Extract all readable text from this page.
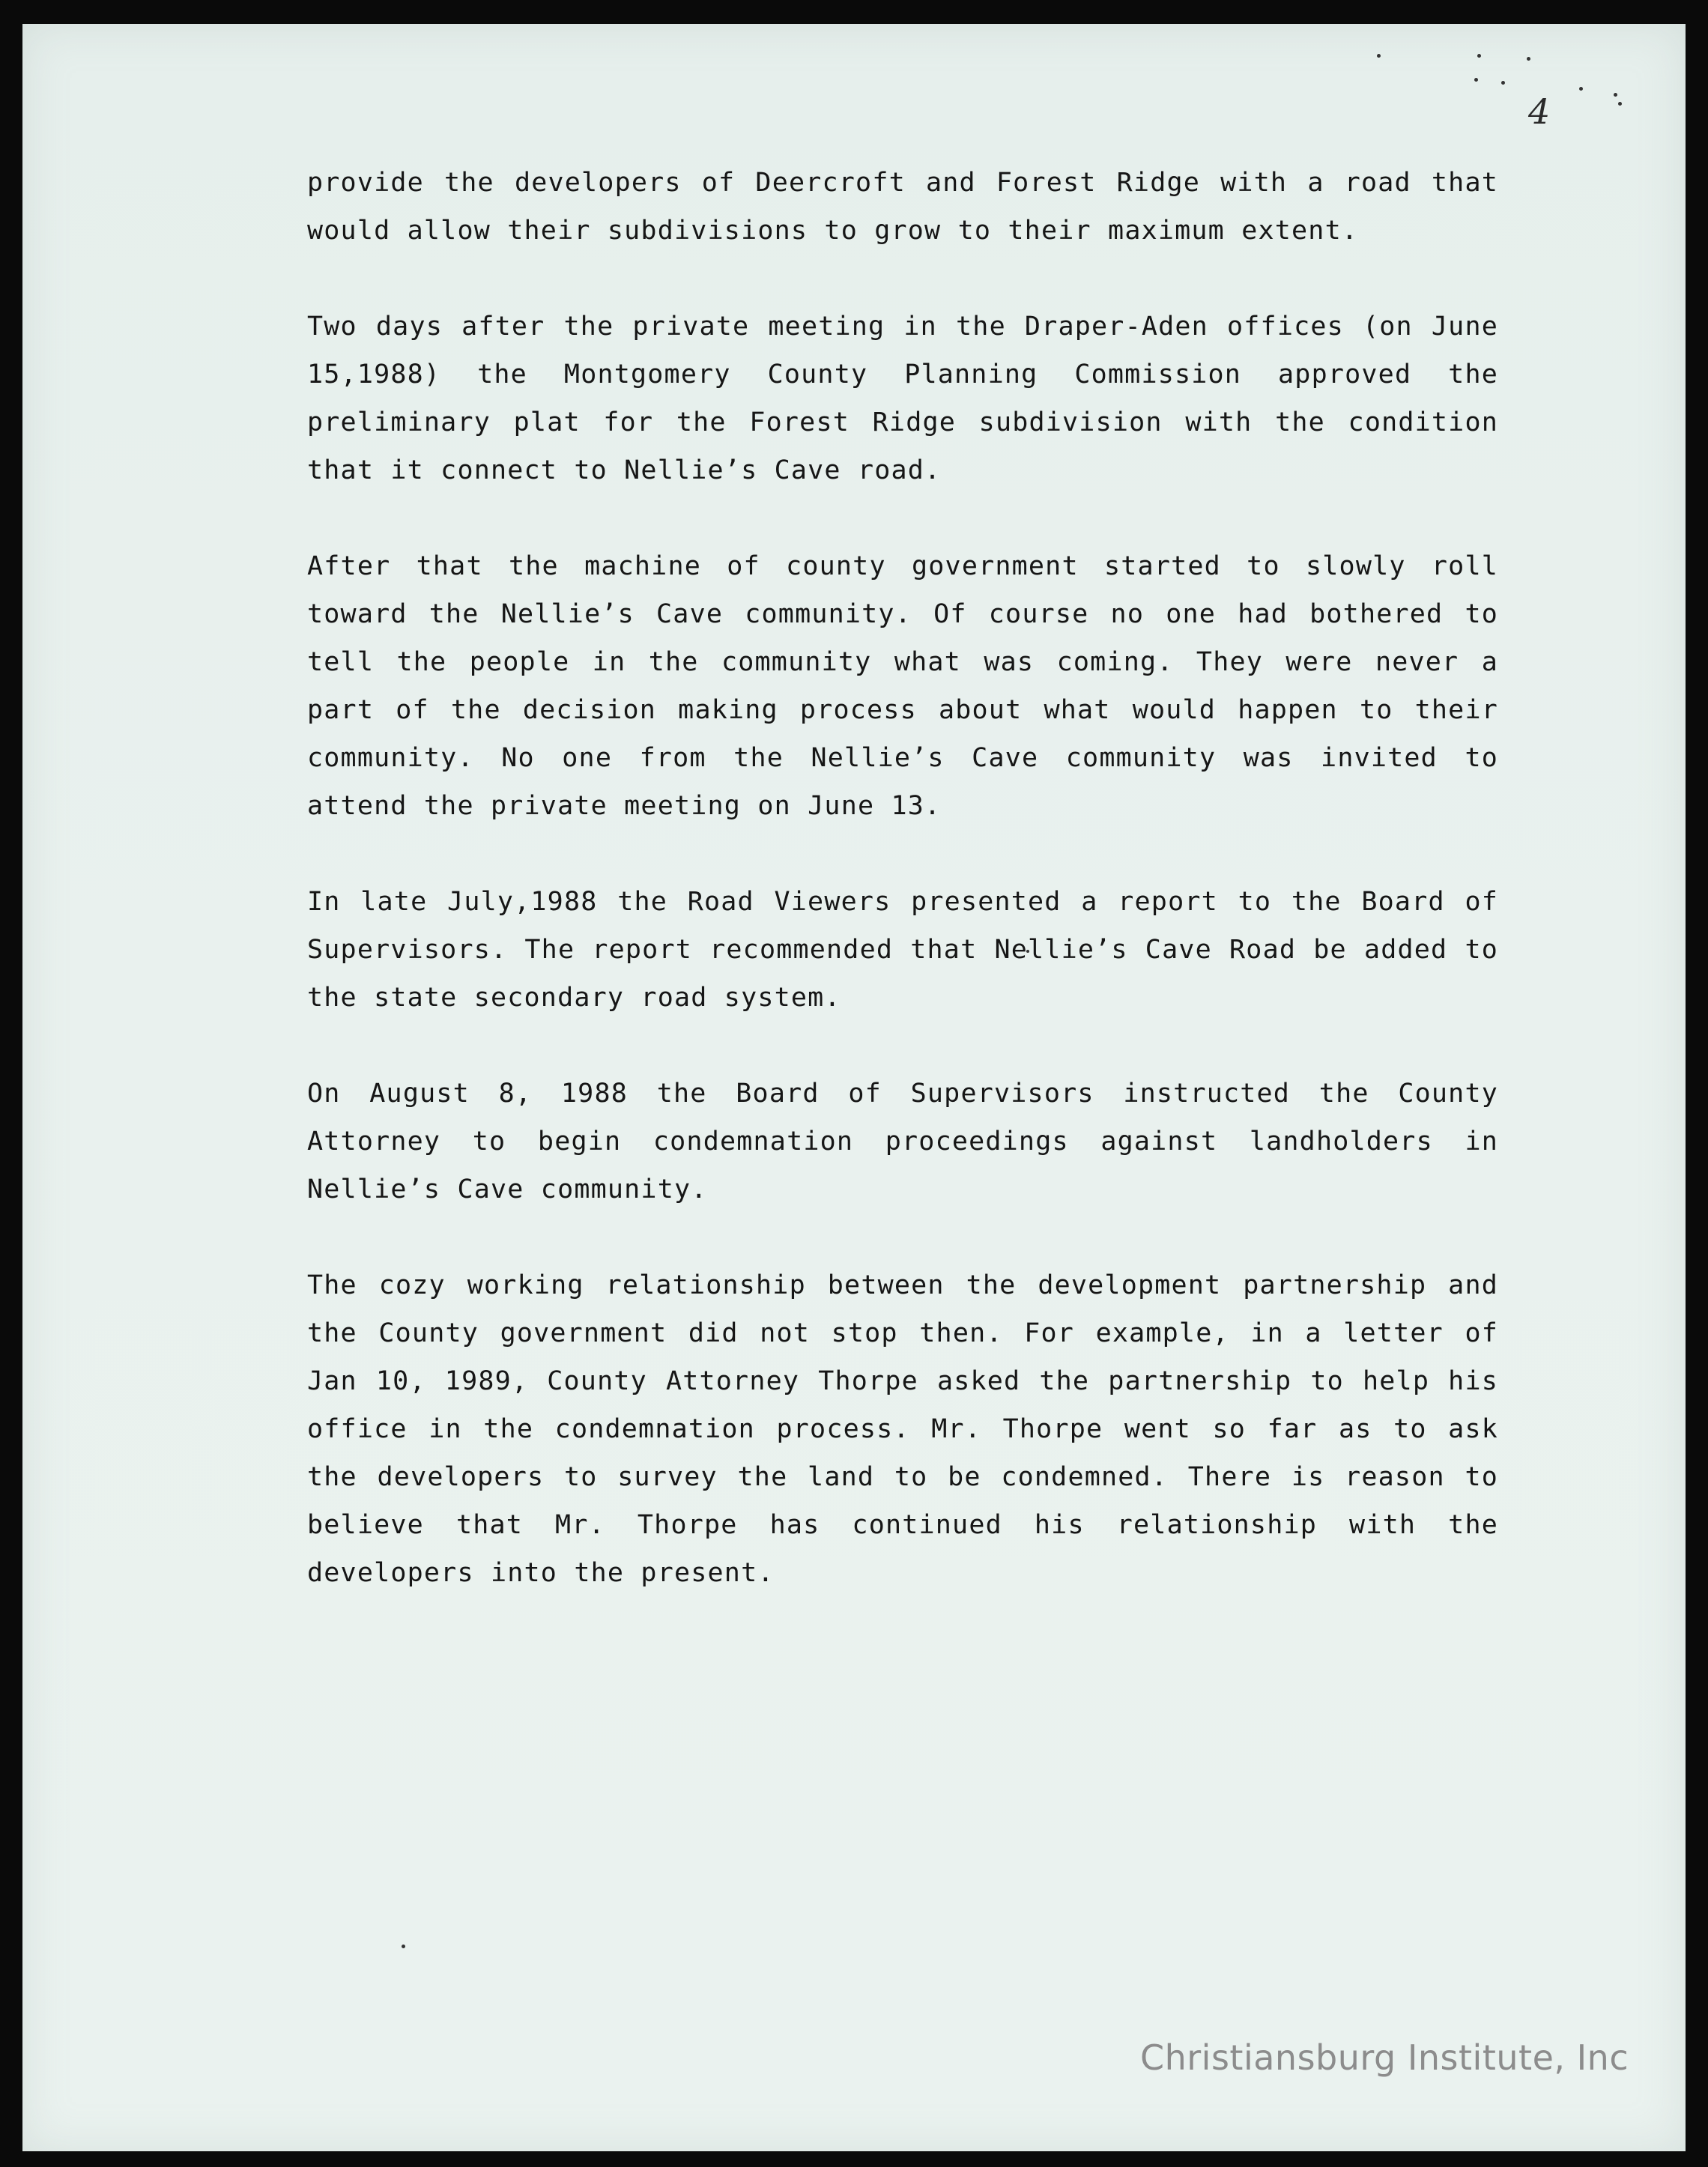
4

provide the developers of Deercroft and Forest Ridge with a road that would allow their subdivisions to grow to their maximum extent.

Two days after the private meeting in the Draper-Aden offices (on June 15,1988) the Montgomery County Planning Commission approved the preliminary plat for the Forest Ridge subdivision with the condition that it connect to Nellie’s Cave road.

After that the machine of county government started to slowly roll toward the Nellie’s Cave community. Of course no one had bothered to tell the people in the community what was coming. They were never a part of the decision making process about what would happen to their community. No one from the Nellie’s Cave community was invited to attend the private meeting on June 13.

In late July,1988 the Road Viewers presented a report to the Board of Supervisors. The report recommended that Nellie’s Cave Road be added to the state secondary road system.

On August 8, 1988 the Board of Supervisors instructed the County Attorney to begin condemnation proceedings against landholders in Nellie’s Cave community.

The cozy working relationship between the development partnership and the County government did not stop then. For example, in a letter of Jan 10, 1989, County Attorney Thorpe asked the partnership to help his office in the condemnation process. Mr. Thorpe went so far as to ask the developers to survey the land to be condemned. There is reason to believe that Mr. Thorpe has continued his relationship with the developers into the present.

Christiansburg Institute, Inc
